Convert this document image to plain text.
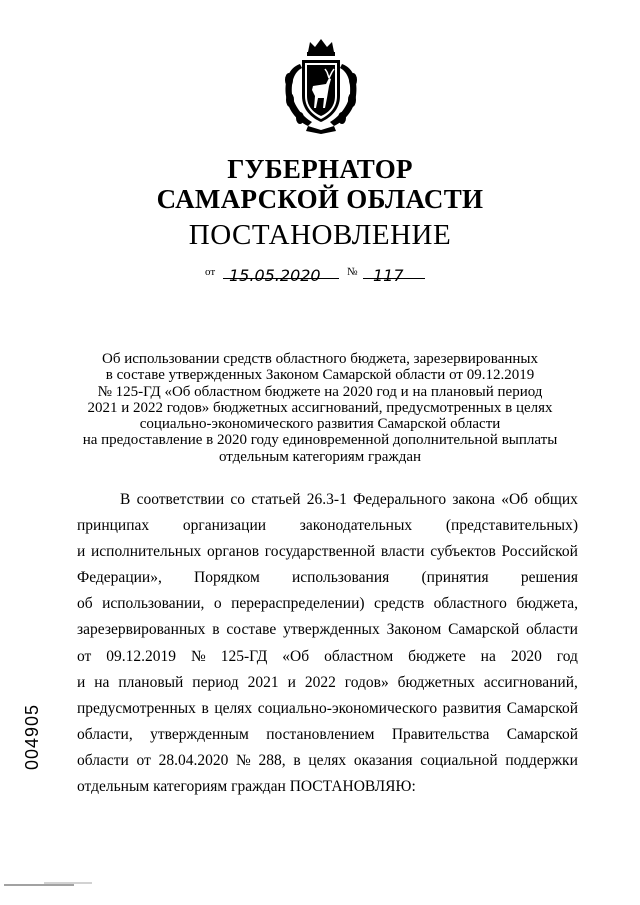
ГУБЕРНАТОР
САМАРСКОЙ ОБЛАСТИ
ПОСТАНОВЛЕНИЕ
от 15.05.2020 № 117
Об использовании средств областного бюджета, зарезервированных
в составе утвержденных Законом Самарской области от 09.12.2019
№ 125-ГД «Об областном бюджете на 2020 год и на плановый период
2021 и 2022 годов» бюджетных ассигнований, предусмотренных в целях
социально-экономического развития Самарской области
на предоставление в 2020 году единовременной дополнительной выплаты
отдельным категориям граждан
В соответствии со статьей 26.3-1 Федерального закона «Об общих
принципах организации законодательных (представительных)
и исполнительных органов государственной власти субъектов Российской
Федерации», Порядком использования (принятия решения
об использовании, о перераспределении) средств областного бюджета,
зарезервированных в составе утвержденных Законом Самарской области
от 09.12.2019 № 125-ГД «Об областном бюджете на 2020 год
и на плановый период 2021 и 2022 годов» бюджетных ассигнований,
предусмотренных в целях социально-экономического развития Самарской
области, утвержденным постановлением Правительства Самарской
области от 28.04.2020 № 288, в целях оказания социальной поддержки
отдельным категориям граждан ПОСТАНОВЛЯЮ:
004905
